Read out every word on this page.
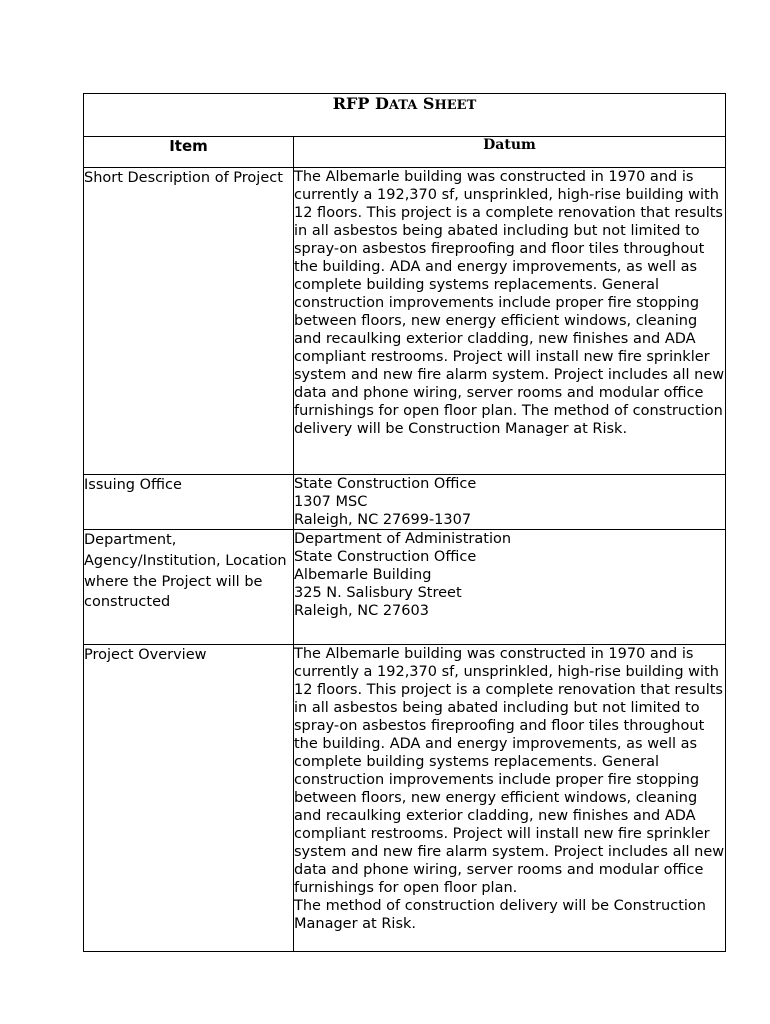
RFP DATA SHEET	
Item	Datum
Short Description of Project	The Albemarle building was constructed in 1970 and is currently a 192,370 sf, unsprinkled, high-rise building with 12 floors. This project is a complete renovation that results in all asbestos being abated including but not limited to spray-on asbestos fireproofing and floor tiles throughout the building. ADA and energy improvements, as well as complete building systems replacements. General construction improvements include proper fire stopping between floors, new energy efficient windows, cleaning and recaulking exterior cladding, new finishes and ADA compliant restrooms. Project will install new fire sprinkler system and new fire alarm system. Project includes all new data and phone wiring, server rooms and modular office furnishings for open floor plan. The method of construction delivery will be Construction Manager at Risk.
Issuing Office	State Construction Office
1307 MSC
Raleigh, NC 27699-1307
Department, Agency/Institution, Location where the Project will be constructed	Department of Administration
State Construction Office
Albemarle Building
325 N. Salisbury Street
Raleigh, NC 27603
Project Overview	The Albemarle building was constructed in 1970 and is currently a 192,370 sf, unsprinkled, high-rise building with 12 floors. This project is a complete renovation that results in all asbestos being abated including but not limited to spray-on asbestos fireproofing and floor tiles throughout the building. ADA and energy improvements, as well as complete building systems replacements. General construction improvements include proper fire stopping between floors, new energy efficient windows, cleaning and recaulking exterior cladding, new finishes and ADA compliant restrooms. Project will install new fire sprinkler system and new fire alarm system. Project includes all new data and phone wiring, server rooms and modular office furnishings for open floor plan.
The method of construction delivery will be Construction Manager at Risk.
